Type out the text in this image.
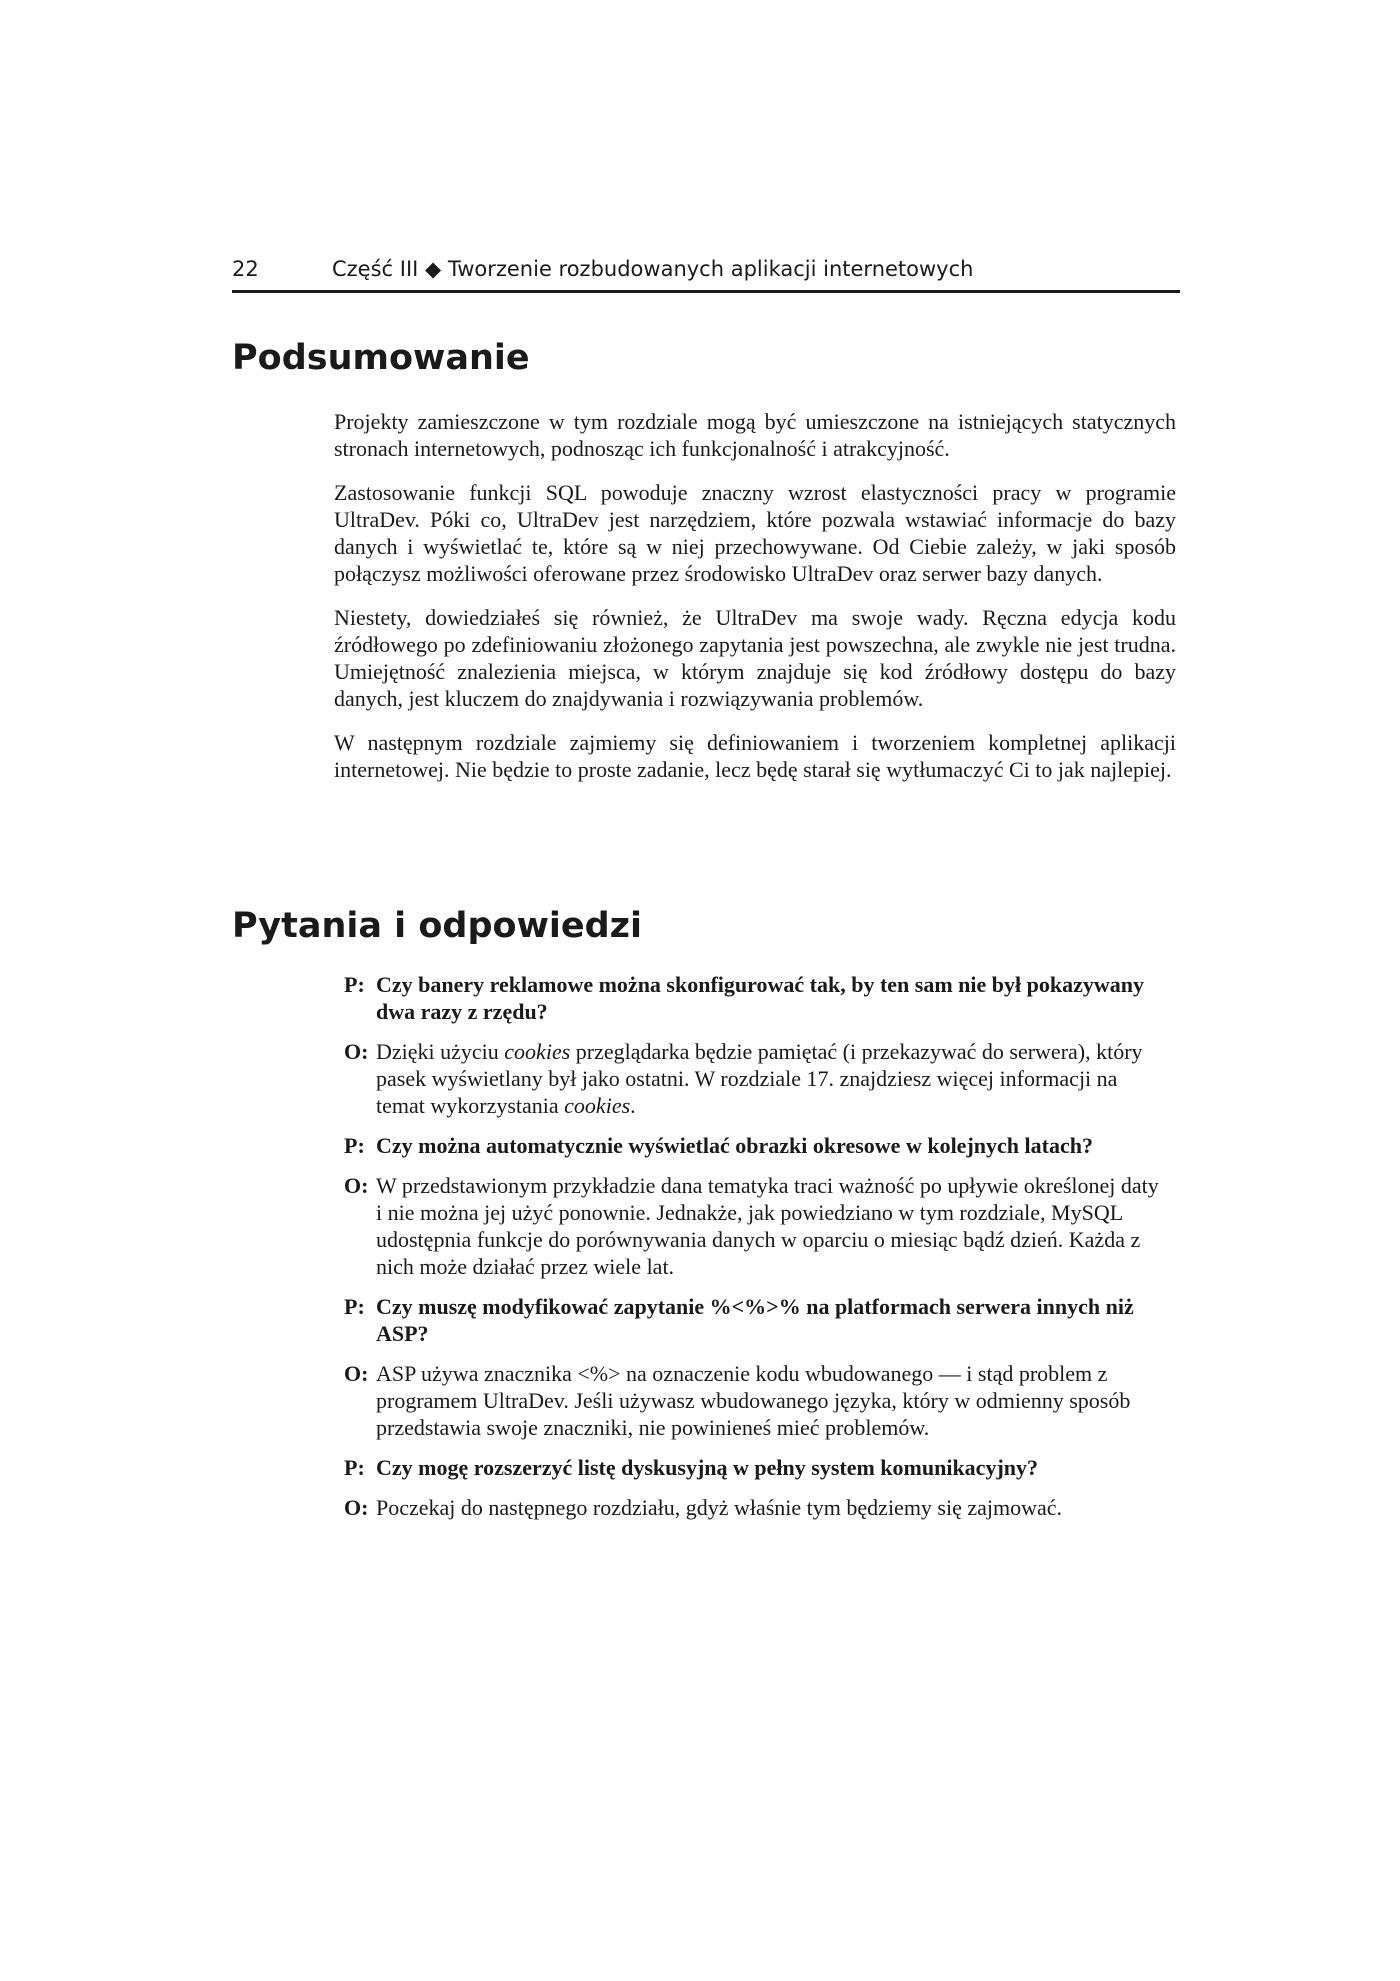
22	Część III ◆ Tworzenie rozbudowanych aplikacji internetowych
Podsumowanie

Projekty zamieszczone w tym rozdziale mogą być umieszczone na istniejących statycznych stronach internetowych, podnosząc ich funkcjonalność i atrakcyjność.

Zastosowanie funkcji SQL powoduje znaczny wzrost elastyczności pracy w programie UltraDev. Póki co, UltraDev jest narzędziem, które pozwala wstawiać informacje do bazy danych i wyświetlać te, które są w niej przechowywane. Od Ciebie zależy, w jaki sposób połączysz możliwości oferowane przez środowisko UltraDev oraz serwer bazy danych.

Niestety, dowiedziałeś się również, że UltraDev ma swoje wady. Ręczna edycja kodu źródłowego po zdefiniowaniu złożonego zapytania jest powszechna, ale zwykle nie jest trudna. Umiejętność znalezienia miejsca, w którym znajduje się kod źródłowy dostępu do bazy danych, jest kluczem do znajdywania i rozwiązywania problemów.

W następnym rozdziale zajmiemy się definiowaniem i tworzeniem kompletnej aplikacji internetowej. Nie będzie to proste zadanie, lecz będę starał się wytłumaczyć Ci to jak najlepiej.

Pytania i odpowiedzi
P: Czy banery reklamowe można skonfigurować tak, by ten sam nie był pokazywany dwa razy z rzędu?
O: Dzięki użyciu cookies przeglądarka będzie pamiętać (i przekazywać do serwera), który pasek wyświetlany był jako ostatni. W rozdziale 17. znajdziesz więcej informacji na temat wykorzystania cookies.
P: Czy można automatycznie wyświetlać obrazki okresowe w kolejnych latach?
O: W przedstawionym przykładzie dana tematyka traci ważność po upływie określonej daty i nie można jej użyć ponownie. Jednakże, jak powiedziano w tym rozdziale, MySQL udostępnia funkcje do porównywania danych w oparciu o miesiąc bądź dzień. Każda z nich może działać przez wiele lat.
P: Czy muszę modyfikować zapytanie %<%>% na platformach serwera innych niż ASP?
O: ASP używa znacznika <%> na oznaczenie kodu wbudowanego — i stąd problem z programem UltraDev. Jeśli używasz wbudowanego języka, który w odmienny sposób przedstawia swoje znaczniki, nie powinieneś mieć problemów.
P: Czy mogę rozszerzyć listę dyskusyjną w pełny system komunikacyjny?
O: Poczekaj do następnego rozdziału, gdyż właśnie tym będziemy się zajmować.
